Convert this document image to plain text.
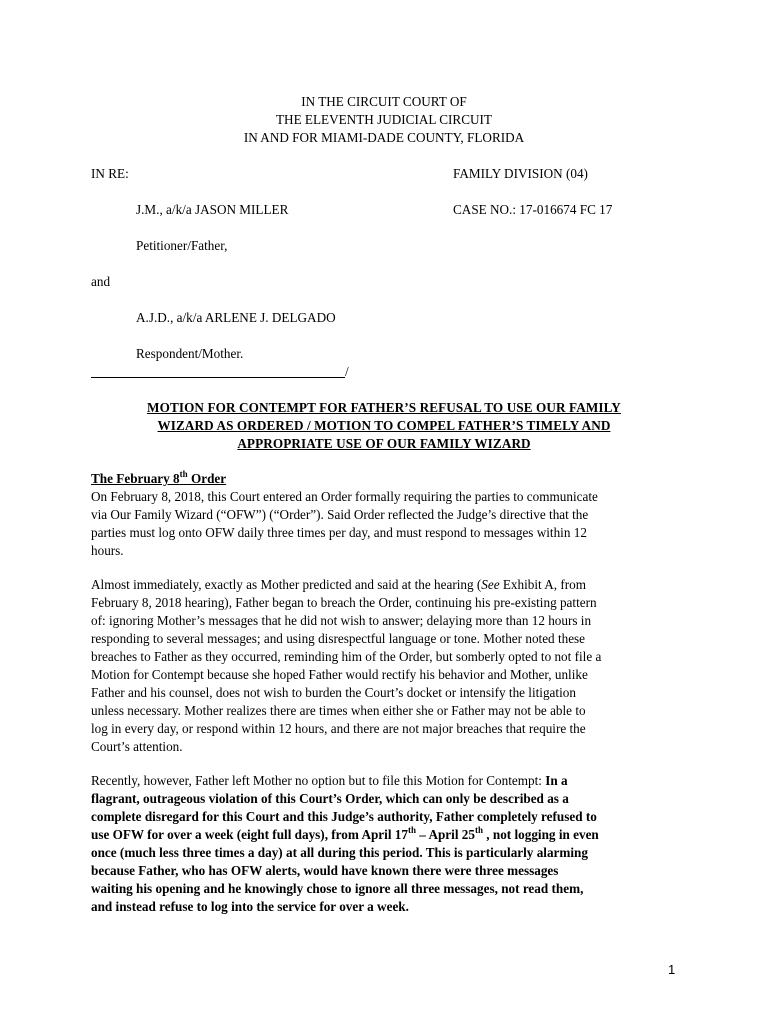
IN THE CIRCUIT COURT OF
THE ELEVENTH JUDICIAL CIRCUIT
IN AND FOR MIAMI-DADE COUNTY, FLORIDA
IN RE:	FAMILY DIVISION (04)
J.M., a/k/a JASON MILLER	CASE NO.: 17-016674 FC 17
Petitioner/Father,
and
A.J.D., a/k/a ARLENE J. DELGADO
Respondent/Mother.
/
MOTION FOR CONTEMPT FOR FATHER’S REFUSAL TO USE OUR FAMILY
WIZARD AS ORDERED / MOTION TO COMPEL FATHER’S TIMELY AND
APPROPRIATE USE OF OUR FAMILY WIZARD
The February 8th Order
On February 8, 2018, this Court entered an Order formally requiring the parties to communicate
via Our Family Wizard (“OFW”) (“Order”). Said Order reflected the Judge’s directive that the
parties must log onto OFW daily three times per day, and must respond to messages within 12
hours.
Almost immediately, exactly as Mother predicted and said at the hearing (See Exhibit A, from
February 8, 2018 hearing), Father began to breach the Order, continuing his pre-existing pattern
of: ignoring Mother’s messages that he did not wish to answer; delaying more than 12 hours in
responding to several messages; and using disrespectful language or tone. Mother noted these
breaches to Father as they occurred, reminding him of the Order, but somberly opted to not file a
Motion for Contempt because she hoped Father would rectify his behavior and Mother, unlike
Father and his counsel, does not wish to burden the Court’s docket or intensify the litigation
unless necessary. Mother realizes there are times when either she or Father may not be able to
log in every day, or respond within 12 hours, and there are not major breaches that require the
Court’s attention.
Recently, however, Father left Mother no option but to file this Motion for Contempt: In a
flagrant, outrageous violation of this Court’s Order, which can only be described as a
complete disregard for this Court and this Judge’s authority, Father completely refused to
use OFW for over a week (eight full days), from April 17th – April 25th , not logging in even
once (much less three times a day) at all during this period. This is particularly alarming
because Father, who has OFW alerts, would have known there were three messages
waiting his opening and he knowingly chose to ignore all three messages, not read them,
and instead refuse to log into the service for over a week.
1
